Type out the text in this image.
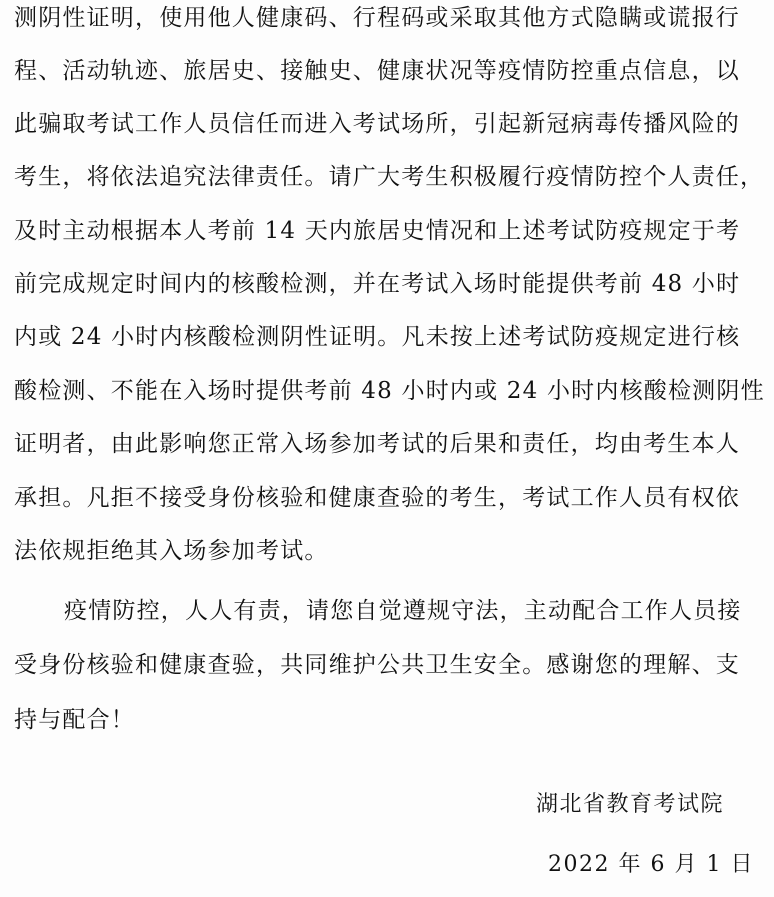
测阴性证明，使用他人健康码、行程码或采取其他方式隐瞒或谎报行
程、活动轨迹、旅居史、接触史、健康状况等疫情防控重点信息，以
此骗取考试工作人员信任而进入考试场所，引起新冠病毒传播风险的
考生，将依法追究法律责任。请广大考生积极履行疫情防控个人责任，
及时主动根据本人考前 14 天内旅居史情况和上述考试防疫规定于考
前完成规定时间内的核酸检测，并在考试入场时能提供考前 48 小时
内或 24 小时内核酸检测阴性证明。凡未按上述考试防疫规定进行核
酸检测、不能在入场时提供考前 48 小时内或 24 小时内核酸检测阴性
证明者，由此影响您正常入场参加考试的后果和责任，均由考生本人
承担。凡拒不接受身份核验和健康查验的考生，考试工作人员有权依
法依规拒绝其入场参加考试。
疫情防控，人人有责，请您自觉遵规守法，主动配合工作人员接
受身份核验和健康查验，共同维护公共卫生安全。感谢您的理解、支
持与配合！
湖北省教育考试院
2022 年 6 月 1 日
